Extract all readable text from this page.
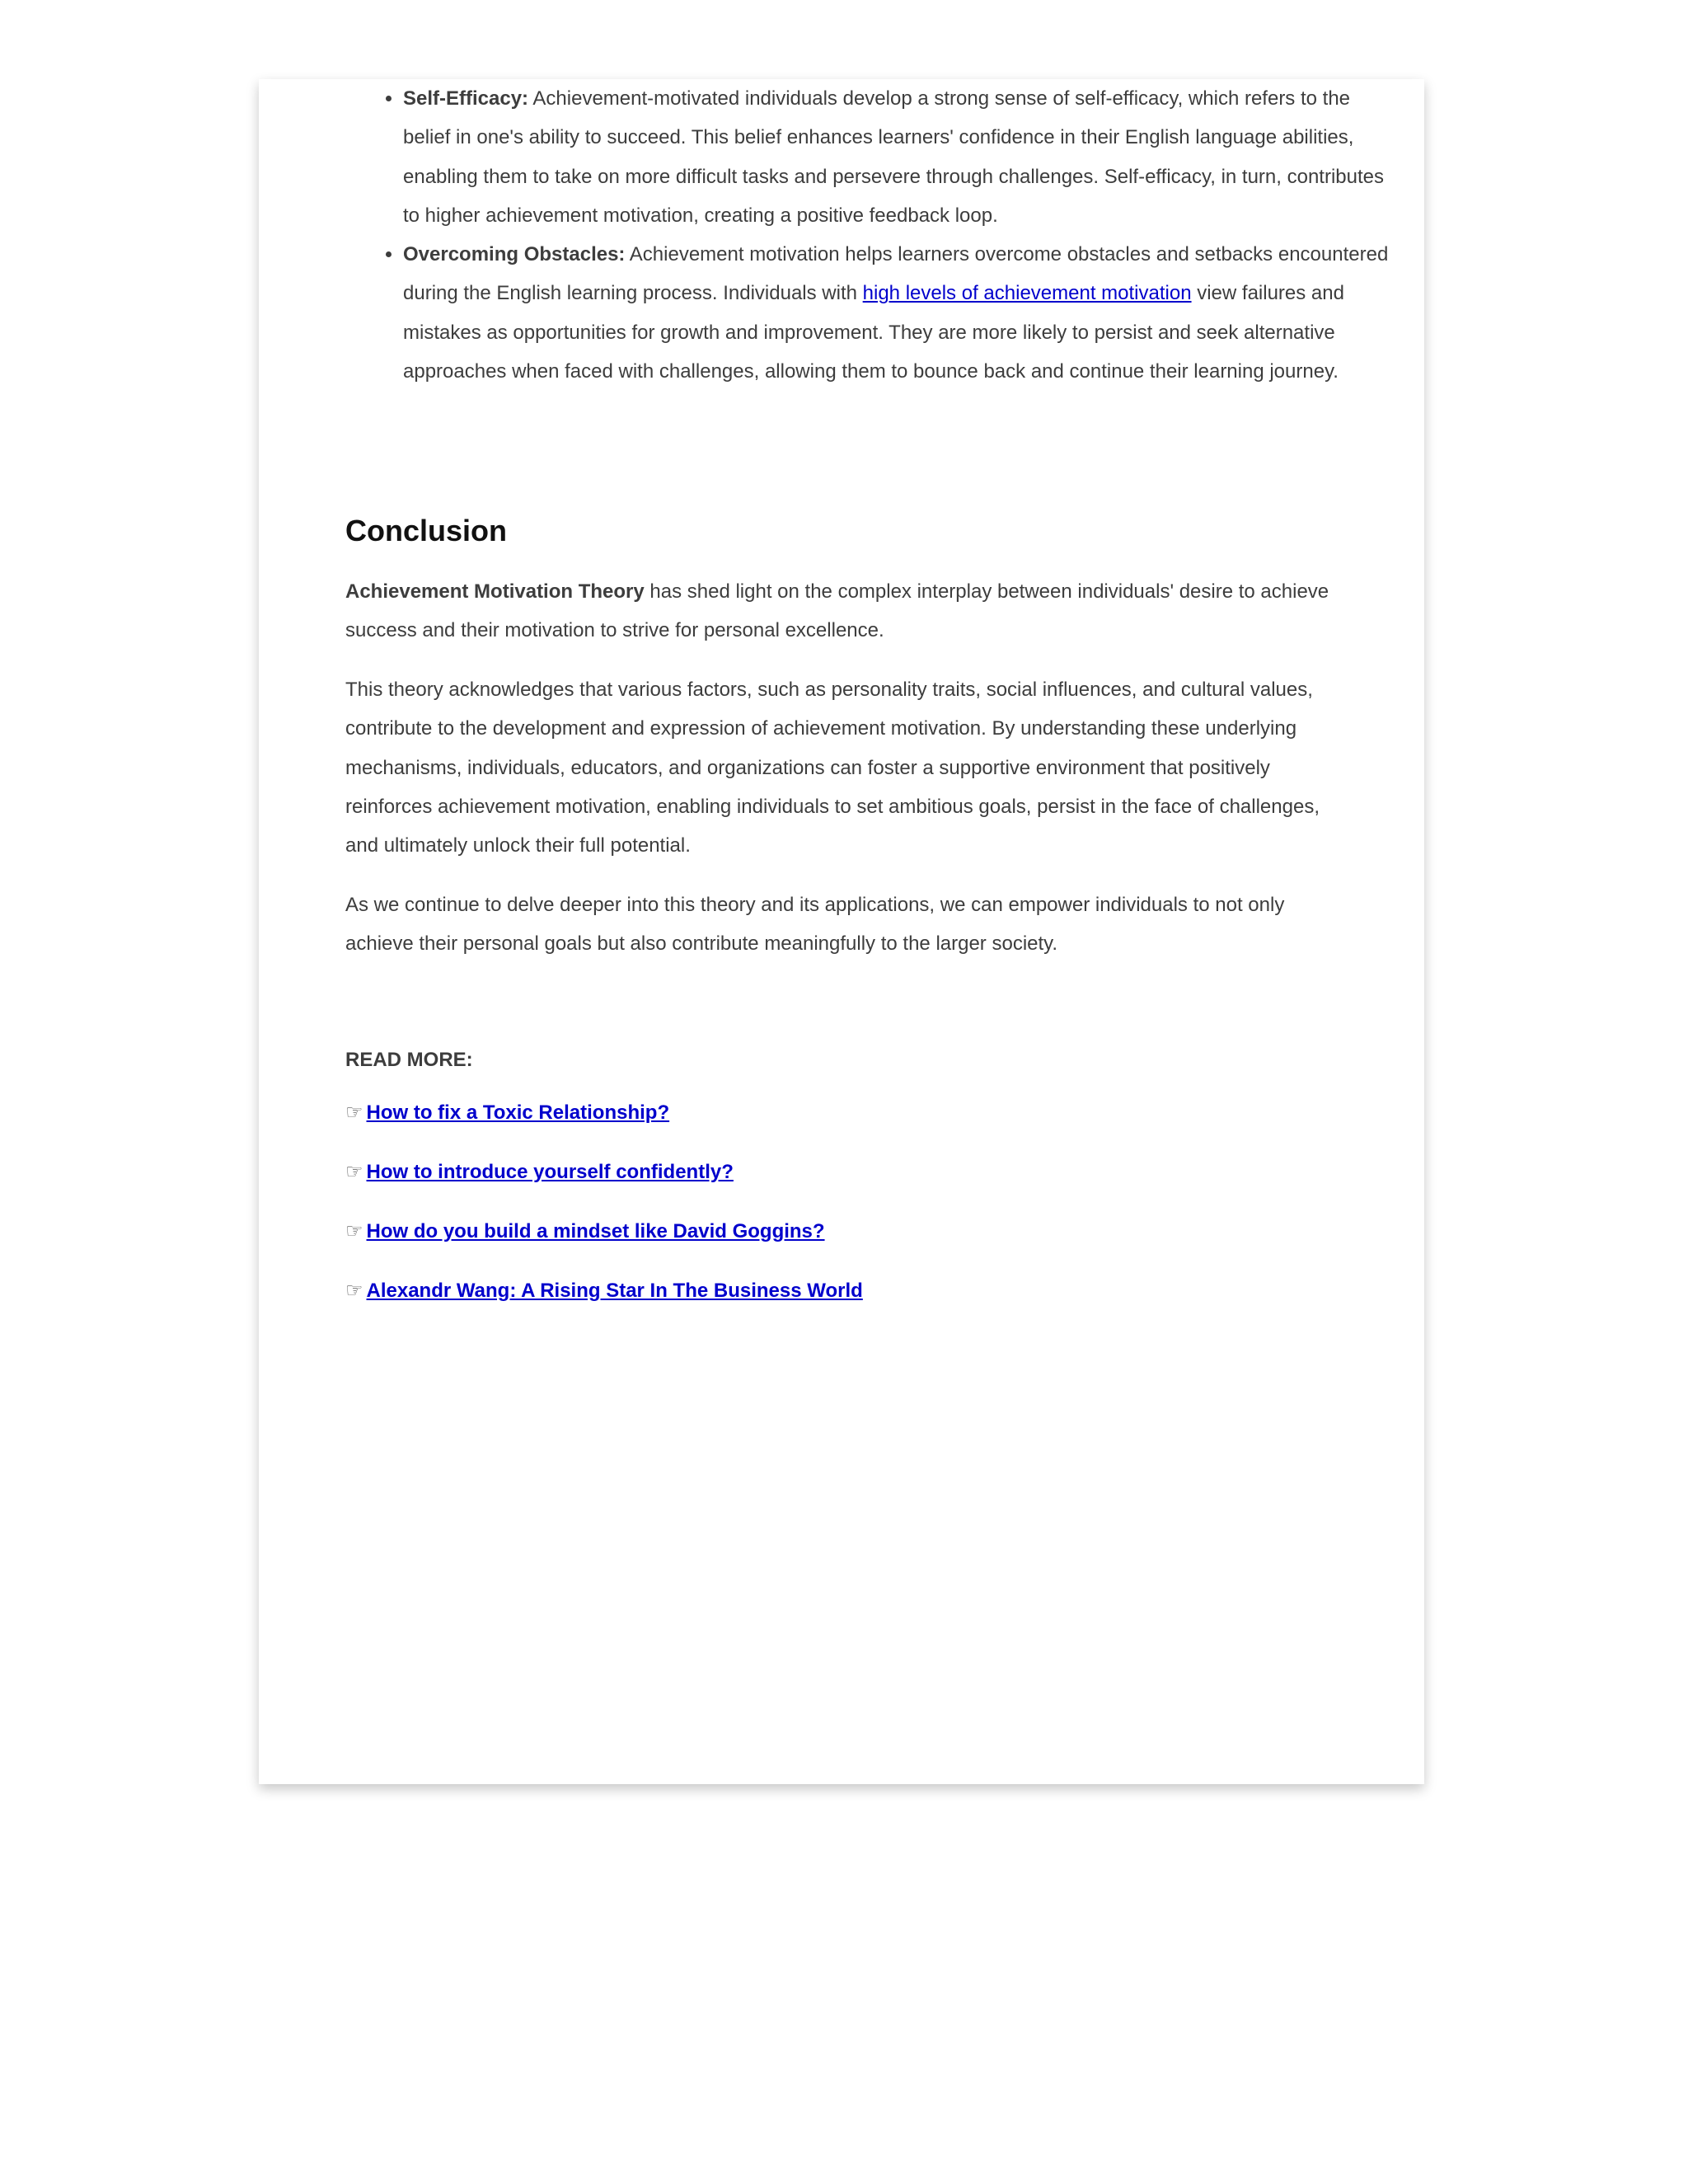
• Self-Efficacy: Achievement-motivated individuals develop a strong sense of self-efficacy, which refers to the belief in one's ability to succeed. This belief enhances learners' confidence in their English language abilities, enabling them to take on more difficult tasks and persevere through challenges. Self-efficacy, in turn, contributes to higher achievement motivation, creating a positive feedback loop.
• Overcoming Obstacles: Achievement motivation helps learners overcome obstacles and setbacks encountered during the English learning process. Individuals with high levels of achievement motivation view failures and mistakes as opportunities for growth and improvement. They are more likely to persist and seek alternative approaches when faced with challenges, allowing them to bounce back and continue their learning journey.
Conclusion

Achievement Motivation Theory has shed light on the complex interplay between individuals' desire to achieve success and their motivation to strive for personal excellence.

This theory acknowledges that various factors, such as personality traits, social influences, and cultural values, contribute to the development and expression of achievement motivation. By understanding these underlying mechanisms, individuals, educators, and organizations can foster a supportive environment that positively reinforces achievement motivation, enabling individuals to set ambitious goals, persist in the face of challenges, and ultimately unlock their full potential.

As we continue to delve deeper into this theory and its applications, we can empower individuals to not only achieve their personal goals but also contribute meaningfully to the larger society.

READ MORE:

☞ How to fix a Toxic Relationship?

☞ How to introduce yourself confidently?

☞ How do you build a mindset like David Goggins?

☞ Alexandr Wang: A Rising Star In The Business World
